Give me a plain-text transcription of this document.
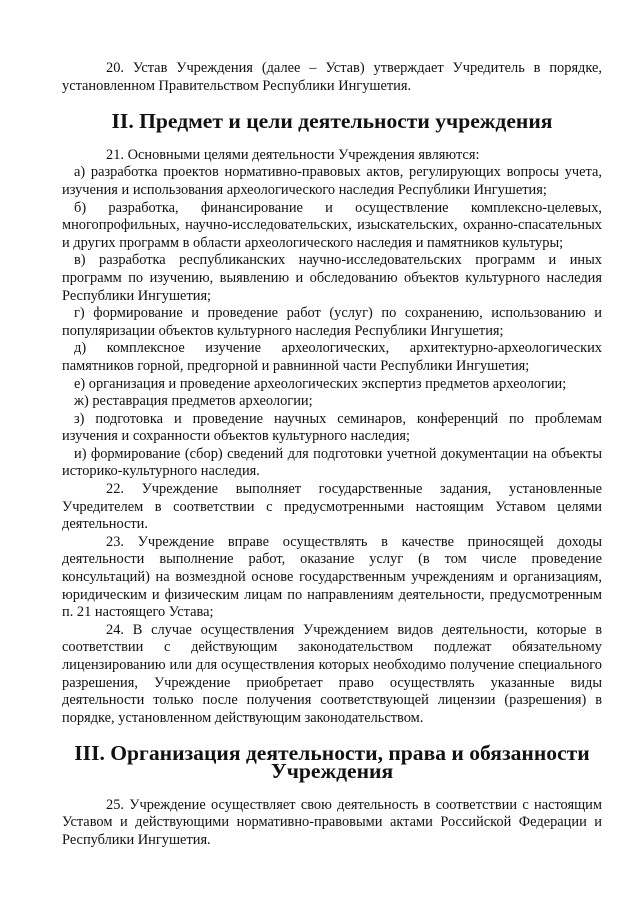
20. Устав Учреждения (далее – Устав) утверждает Учредитель в порядке, установленном Правительством Республики Ингушетия.

II. Предмет и цели деятельности учреждения

21. Основными целями деятельности Учреждения являются:

а) разработка проектов нормативно-правовых актов, регулирующих вопросы учета, изучения и использования археологического наследия Республики Ингушетия;

б) разработка, финансирование и осуществление комплексно-целевых, многопрофильных, научно-исследовательских, изыскательских, охранно-спасательных и других программ в области археологического наследия и памятников культуры;

в) разработка республиканских научно-исследовательских программ и иных программ по изучению, выявлению и обследованию объектов культурного наследия Республики Ингушетия;

г) формирование и проведение работ (услуг) по сохранению, использованию и популяризации объектов культурного наследия Республики Ингушетия;

д) комплексное изучение археологических, архитектурно-археологических памятников горной, предгорной и равнинной части Республики Ингушетия;

е) организация и проведение археологических экспертиз предметов археологии;

ж) реставрация предметов археологии;

з) подготовка и проведение научных семинаров, конференций по проблемам изучения и сохранности объектов культурного наследия;

и) формирование (сбор) сведений для подготовки учетной документации на объекты историко-культурного наследия.

22. Учреждение выполняет государственные задания, установленные Учредителем в соответствии с предусмотренными настоящим Уставом целями деятельности.

23. Учреждение вправе осуществлять в качестве приносящей доходы деятельности выполнение работ, оказание услуг (в том числе проведение консультаций) на возмездной основе государственным учреждениям и организациям, юридическим и физическим лицам по направлениям деятельности, предусмотренным п. 21 настоящего Устава;

24. В случае осуществления Учреждением видов деятельности, которые в соответствии с действующим законодательством подлежат обязательному лицензированию или для осуществления которых необходимо получение специального разрешения, Учреждение приобретает право осуществлять указанные виды деятельности только после получения соответствующей лицензии (разрешения) в порядке, установленном действующим законодательством.

III. Организация деятельности, права и обязанности Учреждения

25. Учреждение осуществляет свою деятельность в соответствии с настоящим Уставом и действующими нормативно-правовыми актами Российской Федерации и Республики Ингушетия.
